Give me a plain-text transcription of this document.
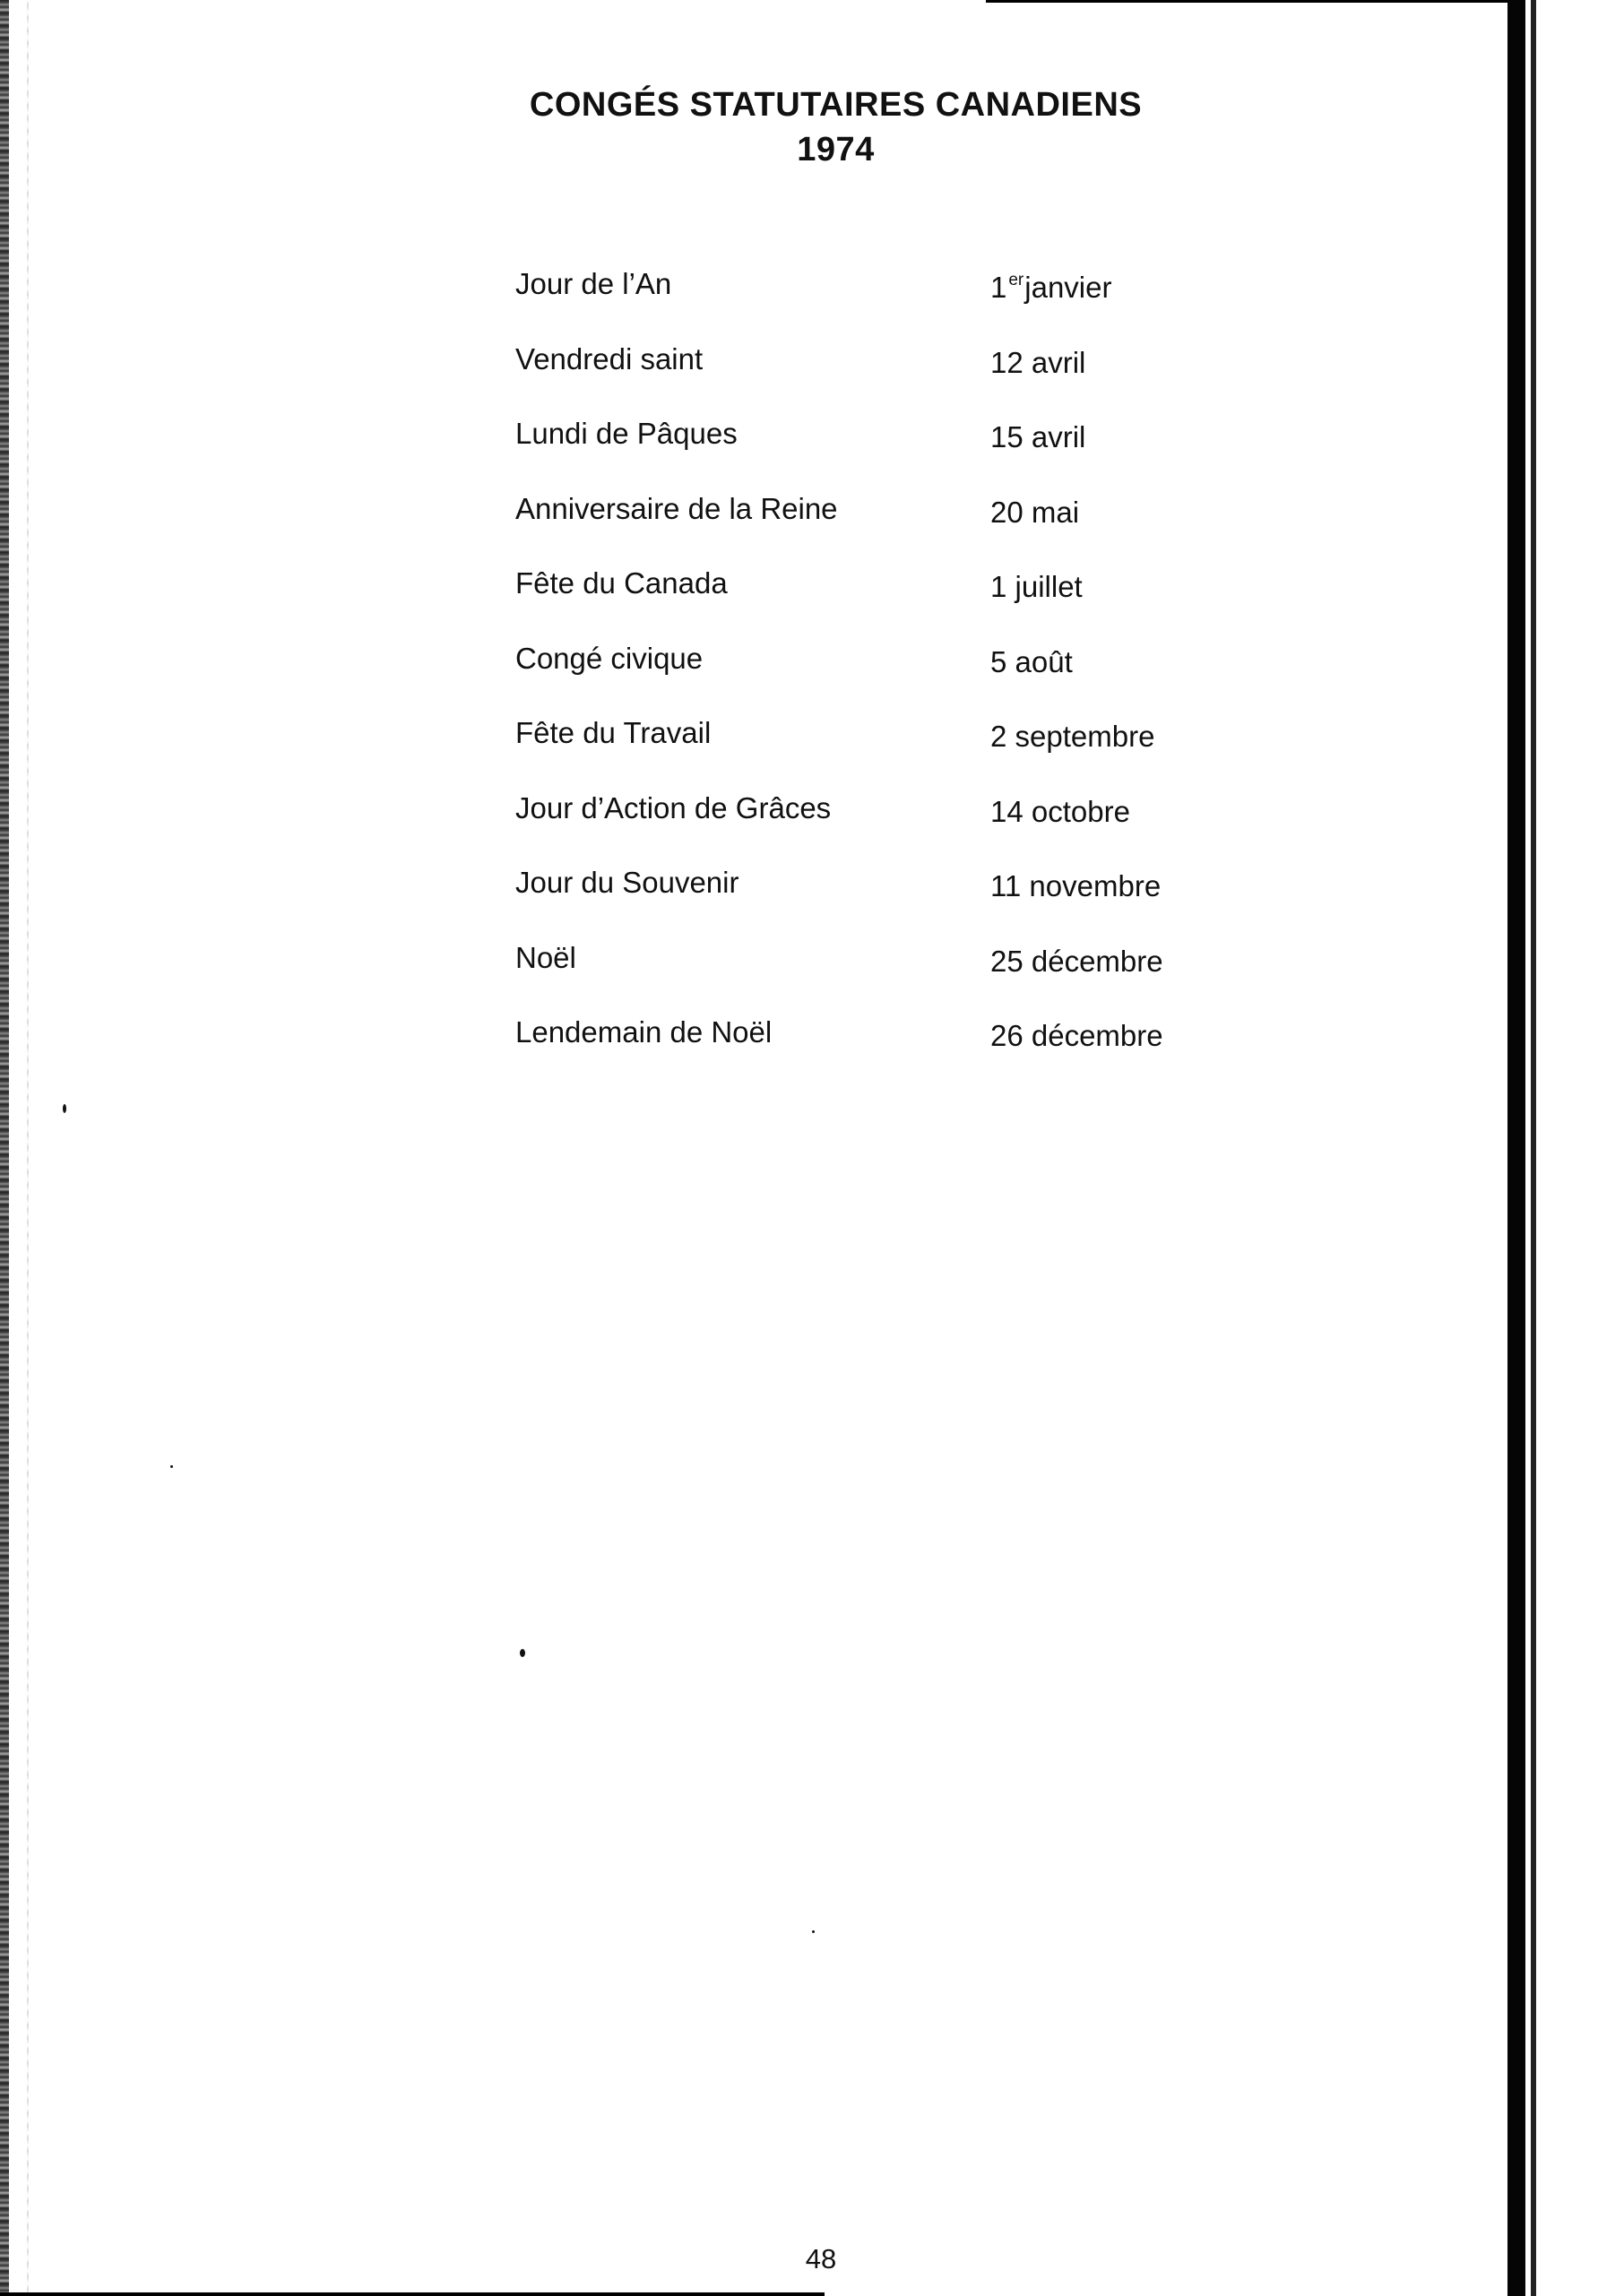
CONGÉS STATUTAIRES CANADIENS
1974
Jour de l’An	1 $^{er}$janvier
Vendredi saint	12 avril
Lundi de Pâques	15 avril
Anniversaire de la Reine	20 mai
Fête du Canada	1 juillet
Congé civique	5 août
Fête du Travail	2 septembre
Jour d’Action de Grâces	14 octobre
Jour du Souvenir	11 novembre
Noël	25 décembre
Lendemain de Noël	26 décembre
48
